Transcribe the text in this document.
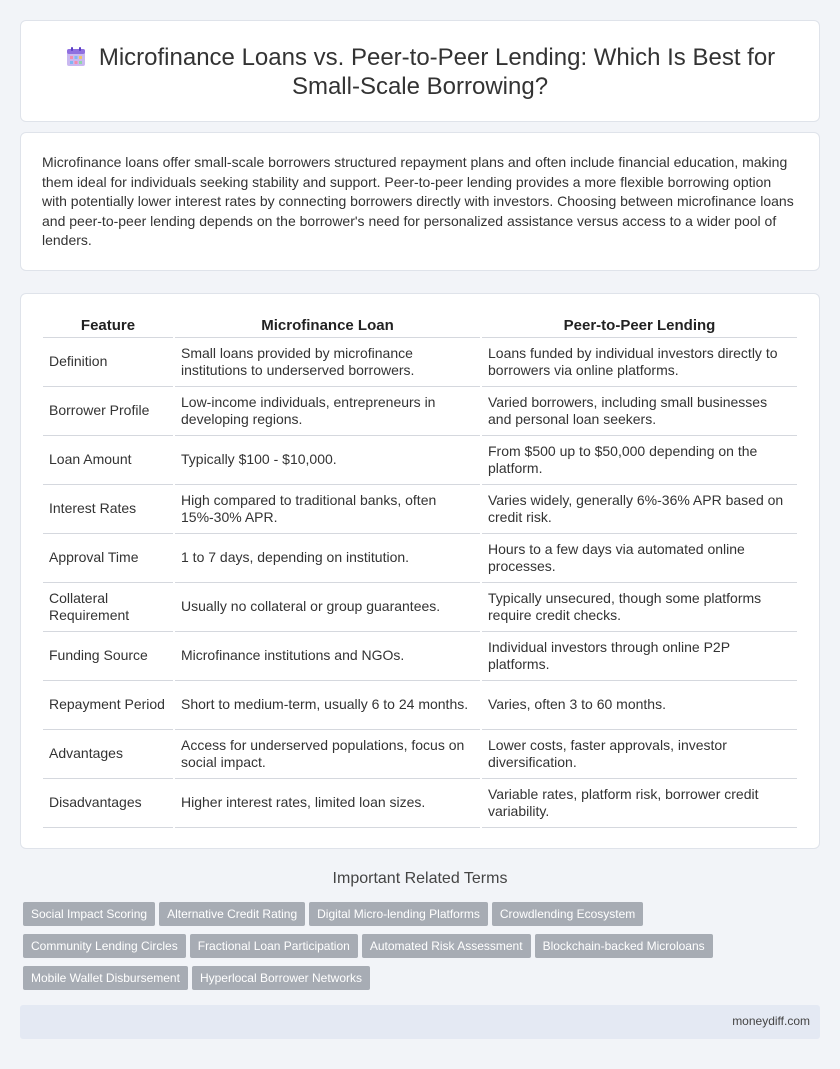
Microfinance Loans vs. Peer-to-Peer Lending: Which Is Best for Small-Scale Borrowing?

Microfinance loans offer small-scale borrowers structured repayment plans and often include financial education, making them ideal for individuals seeking stability and support. Peer-to-peer lending provides a more flexible borrowing option with potentially lower interest rates by connecting borrowers directly with investors. Choosing between microfinance loans and peer-to-peer lending depends on the borrower's need for personalized assistance versus access to a wider pool of lenders.

Feature	Microfinance Loan	Peer-to-Peer Lending
Definition	Small loans provided by microfinance institutions to underserved borrowers.	Loans funded by individual investors directly to borrowers via online platforms.
Borrower Profile	Low-income individuals, entrepreneurs in developing regions.	Varied borrowers, including small businesses and personal loan seekers.
Loan Amount	Typically $100 - $10,000.	From $500 up to $50,000 depending on the platform.
Interest Rates	High compared to traditional banks, often 15%-30% APR.	Varies widely, generally 6%-36% APR based on credit risk.
Approval Time	1 to 7 days, depending on institution.	Hours to a few days via automated online processes.
Collateral Requirement	Usually no collateral or group guarantees.	Typically unsecured, though some platforms require credit checks.
Funding Source	Microfinance institutions and NGOs.	Individual investors through online P2P platforms.
Repayment Period	Short to medium-term, usually 6 to 24 months.	Varies, often 3 to 60 months.
Advantages	Access for underserved populations, focus on social impact.	Lower costs, faster approvals, investor diversification.
Disadvantages	Higher interest rates, limited loan sizes.	Variable rates, platform risk, borrower credit variability.
Important Related Terms
Social Impact Scoring Alternative Credit Rating Digital Micro-lending Platforms Crowdlending Ecosystem
Community Lending Circles Fractional Loan Participation Automated Risk Assessment Blockchain-backed Microloans
Mobile Wallet Disbursement Hyperlocal Borrower Networks
moneydiff.com
